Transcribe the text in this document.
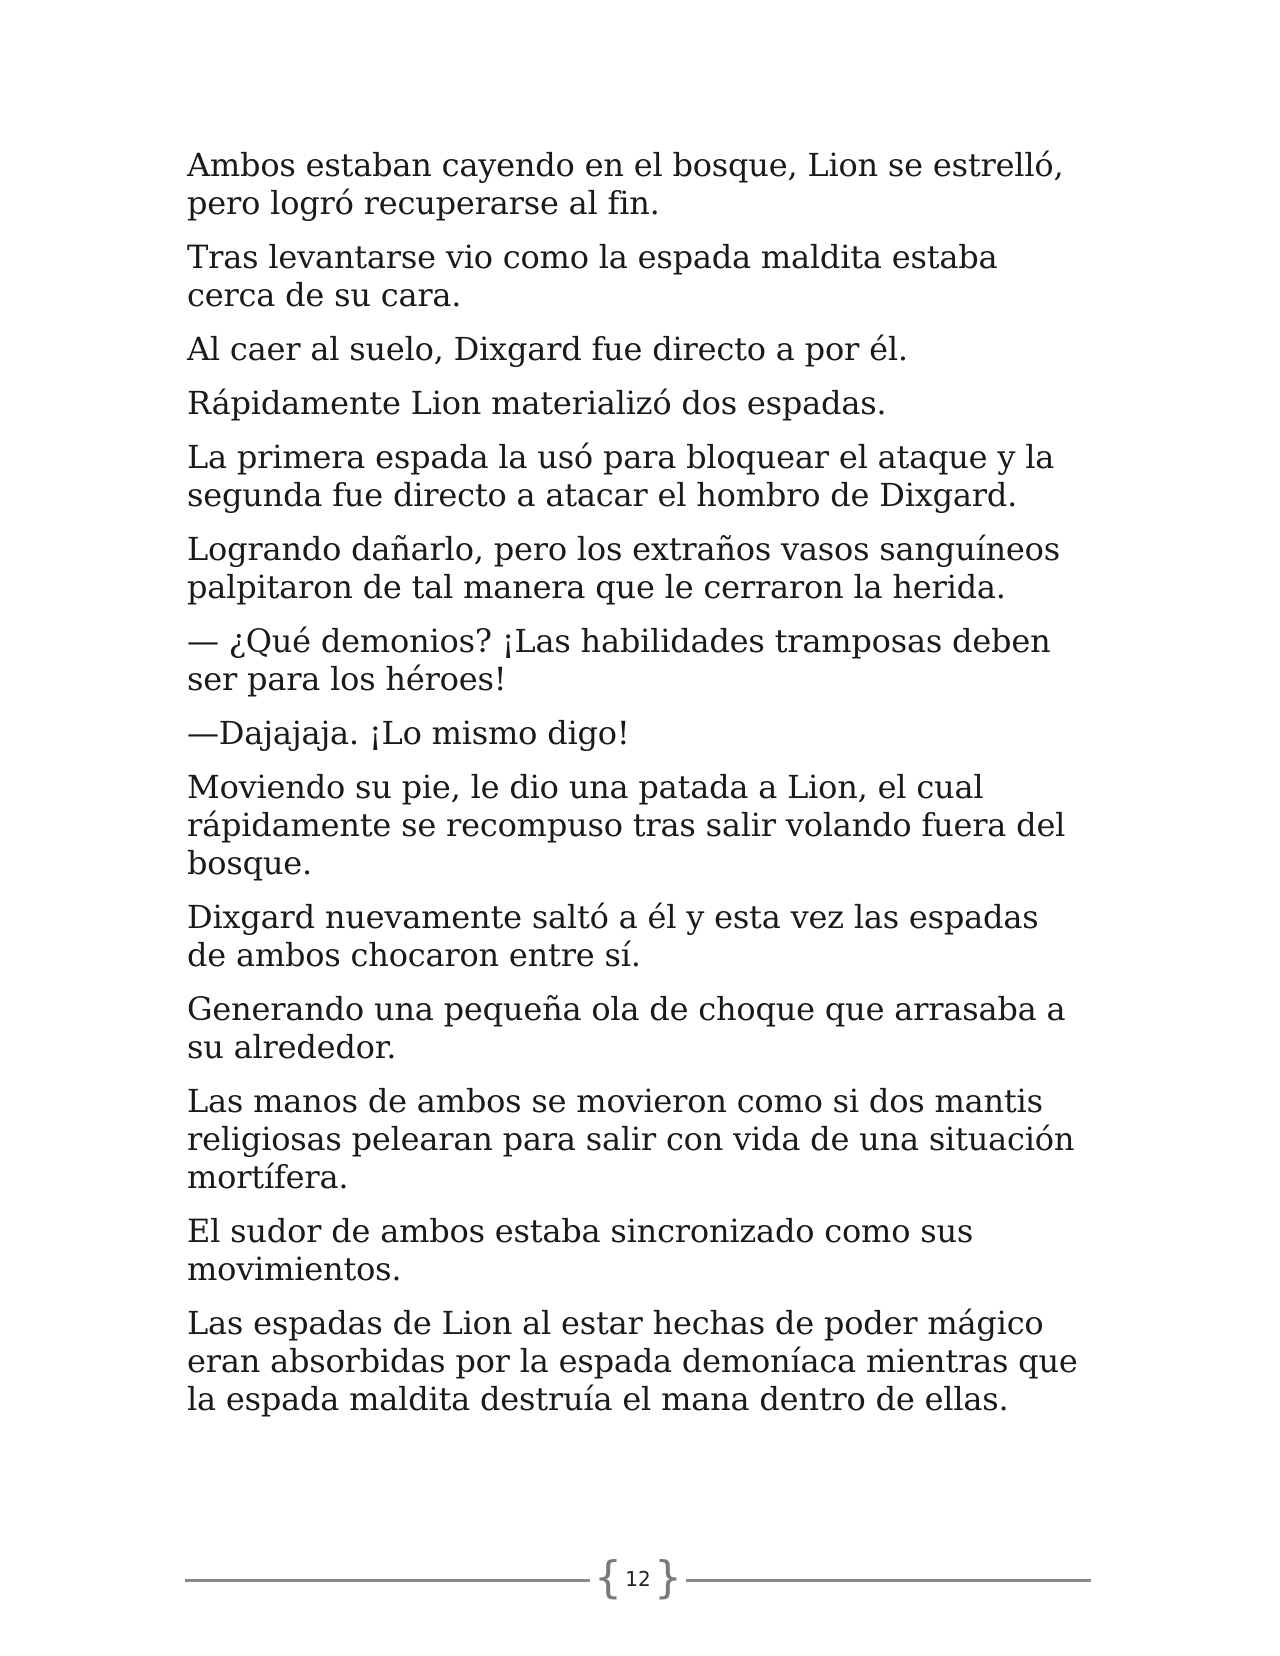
Ambos estaban cayendo en el bosque, Lion se estrelló, pero logró recuperarse al fin.

Tras levantarse vio como la espada maldita estaba cerca de su cara.

Al caer al suelo, Dixgard fue directo a por él.

Rápidamente Lion materializó dos espadas.

La primera espada la usó para bloquear el ataque y la segunda fue directo a atacar el hombro de Dixgard.

Logrando dañarlo, pero los extraños vasos sanguíneos palpitaron de tal manera que le cerraron la herida.

— ¿Qué demonios? ¡Las habilidades tramposas deben ser para los héroes!

—Dajajaja. ¡Lo mismo digo!

Moviendo su pie, le dio una patada a Lion, el cual rápidamente se recompuso tras salir volando fuera del bosque.

Dixgard nuevamente saltó a él y esta vez las espadas de ambos chocaron entre sí.

Generando una pequeña ola de choque que arrasaba a su alrededor.

Las manos de ambos se movieron como si dos mantis religiosas pelearan para salir con vida de una situación mortífera.

El sudor de ambos estaba sincronizado como sus movimientos.

Las espadas de Lion al estar hechas de poder mágico eran absorbidas por la espada demoníaca mientras que la espada maldita destruía el mana dentro de ellas.

{ 12 }
